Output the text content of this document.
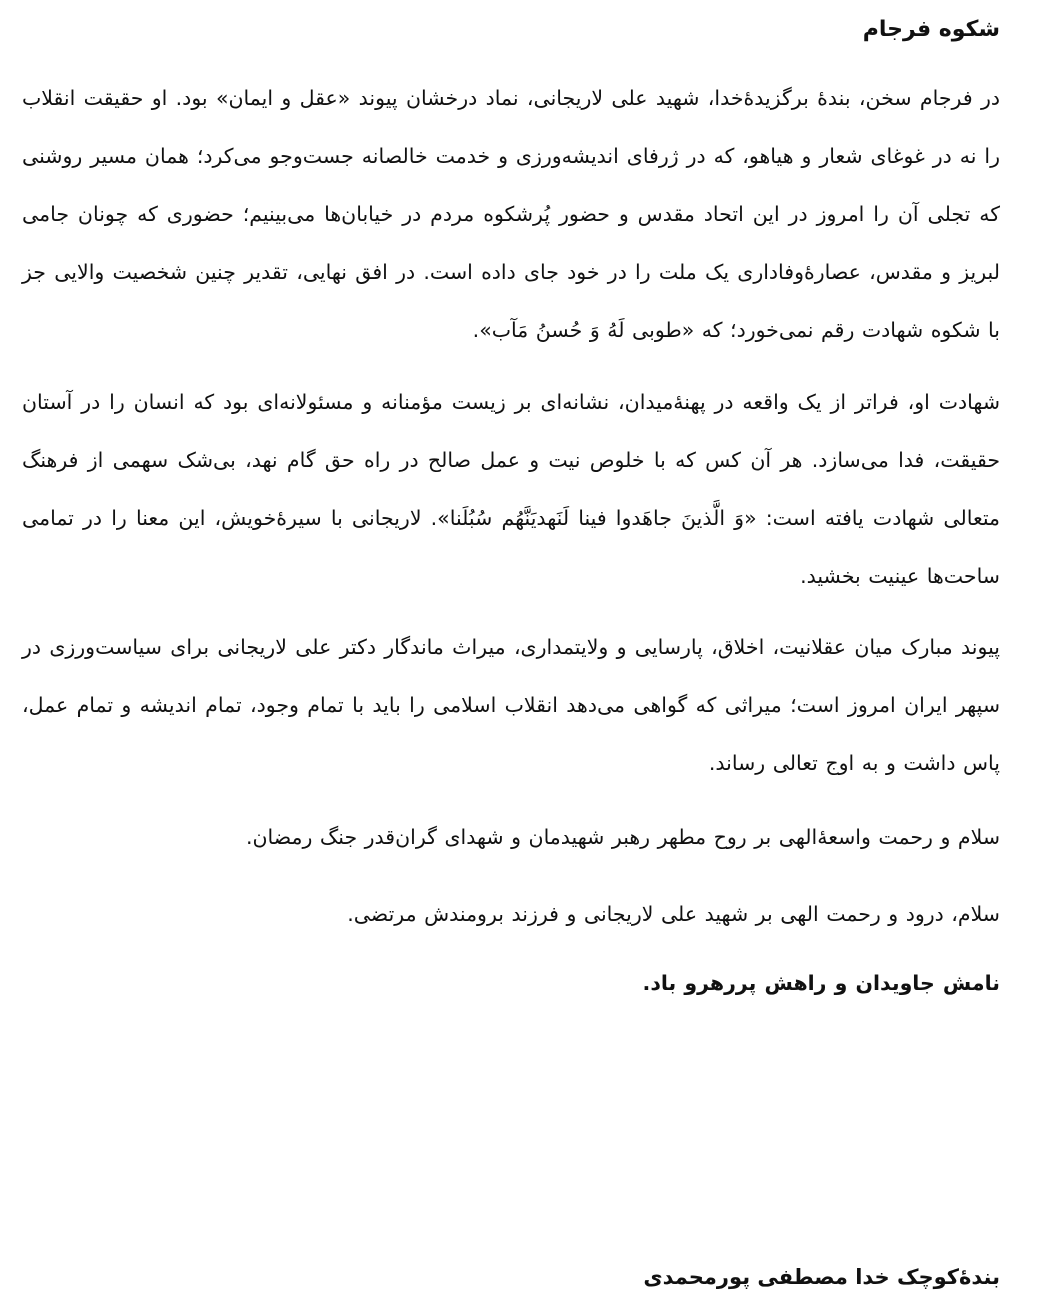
شکوه فرجام

در فرجام سخن، بندهٔ برگزیدهٔ‌خدا، شهید علی لاریجانی، نماد درخشان پیوند «عقل و ایمان» بود. او حقیقت انقلاب را نه در غوغای شعار و هیاهو، که در ژرفای اندیشه‌ورزی و خدمت خالصانه جست‌وجو می‌کرد؛ همان مسیر روشنی که تجلی آن را امروز در این اتحاد مقدس و حضور پُرشکوه مردم در خیابان‌ها می‌بینیم؛ حضوری که چونان جامی لبریز و مقدس، عصارهٔ‌وفاداری یک ملت را در خود جای داده است. در افق نهایی، تقدیر چنین شخصیت والایی جز با شکوه شهادت رقم نمی‌خورد؛ که «طوبی لَهُ وَ حُسنُ مَآب».

شهادت او، فراتر از یک واقعه در پهنهٔ‌میدان، نشانه‌ای بر زیست مؤمنانه و مسئولانه‌ای بود که انسان را در آستان حقیقت، فدا می‌سازد. هر آن کس که با خلوص نیت و عمل صالح در راه حق گام نهد، بی‌شک سهمی از فرهنگ متعالی شهادت یافته است: «وَ الَّذینَ جاهَدوا فینا لَنَهدیَنَّهُم سُبُلَنا». لاریجانی با سیرهٔ‌خویش، این معنا را در تمامی ساحت‌ها عینیت بخشید.

پیوند مبارک میان عقلانیت، اخلاق، پارسایی و ولایتمداری، میراث ماندگار دکتر علی لاریجانی برای سیاست‌ورزی در سپهر ایران امروز است؛ میراثی که گواهی می‌دهد انقلاب اسلامی را باید با تمام وجود، تمام اندیشه و تمام عمل، پاس داشت و به اوج تعالی رساند.

سلام و رحمت واسعهٔ‌الهی بر روح مطهر رهبر شهیدمان و شهدای گران‌قدر جنگ رمضان.

سلام، درود و رحمت الهی بر شهید علی لاریجانی و فرزند برومندش مرتضی.

نامش جاویدان و راهش پررهرو باد.

بندهٔ‌کوچک خدا مصطفی پورمحمدی
